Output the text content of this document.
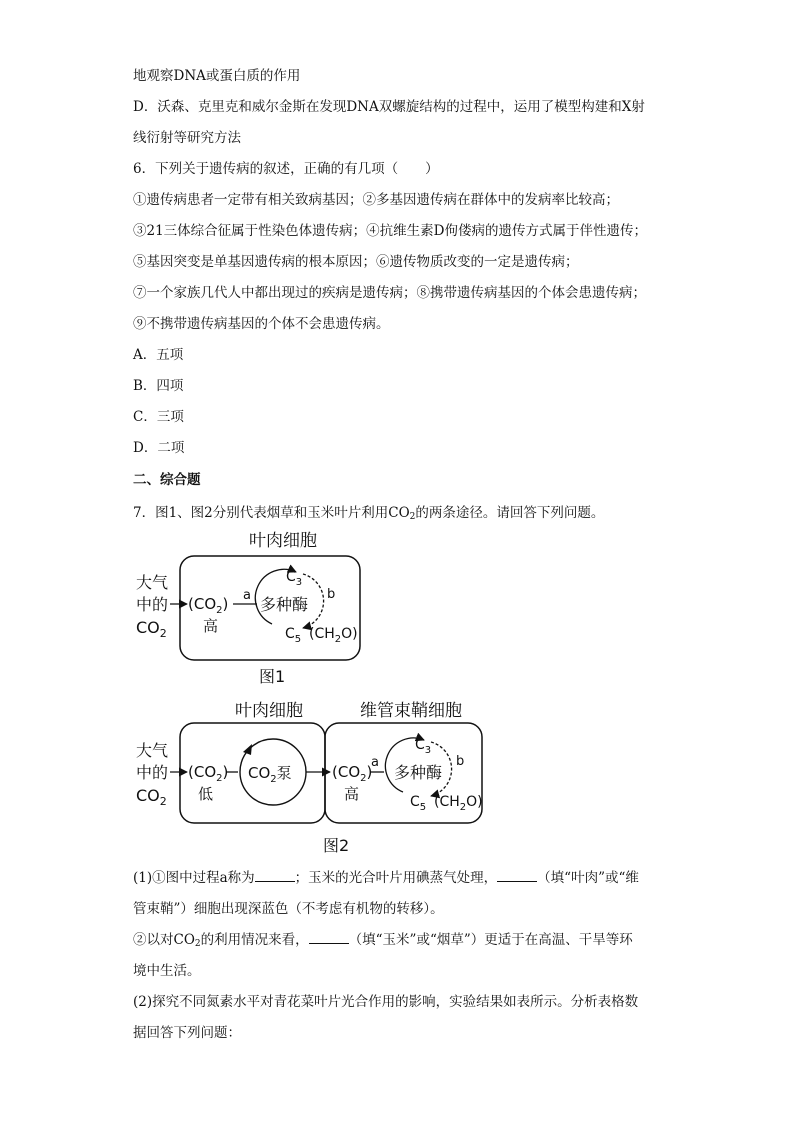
地观察DNA或蛋白质的作用
D．沃森、克里克和威尔金斯在发现DNA双螺旋结构的过程中，运用了模型构建和X射
线衍射等研究方法
6．下列关于遗传病的叙述，正确的有几项（　　）
①遗传病患者一定带有相关致病基因；②多基因遗传病在群体中的发病率比较高；
③21三体综合征属于性染色体遗传病；④抗维生素D佝偻病的遗传方式属于伴性遗传；
⑤基因突变是单基因遗传病的根本原因；⑥遗传物质改变的一定是遗传病；
⑦一个家族几代人中都出现过的疾病是遗传病；⑧携带遗传病基因的个体会患遗传病；
⑨不携带遗传病基因的个体不会患遗传病。
A．五项
B．四项
C．三项
D．二项
二、综合题
7．图1、图2分别代表烟草和玉米叶片利用$CO_2$的两条途径。请回答下列问题。
叶肉细胞
大气
中的
$CO_2$
$(CO_2)$
高
a
$C_3$
b
多种酶
$C_5$ $(CH_2O)$
图1
叶肉细胞	维管束鞘细胞
大气
中的
$CO_2$
$(CO_2)$
低
$CO_2$泵	$(CO_2)$
高
a
$C_3$
b
多种酶
$C_5$ $(CH_2O)$
图2
(1)①图中过程a称为	；玉米的光合叶片用碘蒸气处理，	（填“叶肉”或“维
管束鞘”）细胞出现深蓝色（不考虑有机物的转移）。
②以对$CO_2$的利用情况来看，	（填“玉米”或“烟草”）更适于在高温、干旱等环
境中生活。
(2)探究不同氮素水平对青花菜叶片光合作用的影响，实验结果如表所示。分析表格数
据回答下列问题：
